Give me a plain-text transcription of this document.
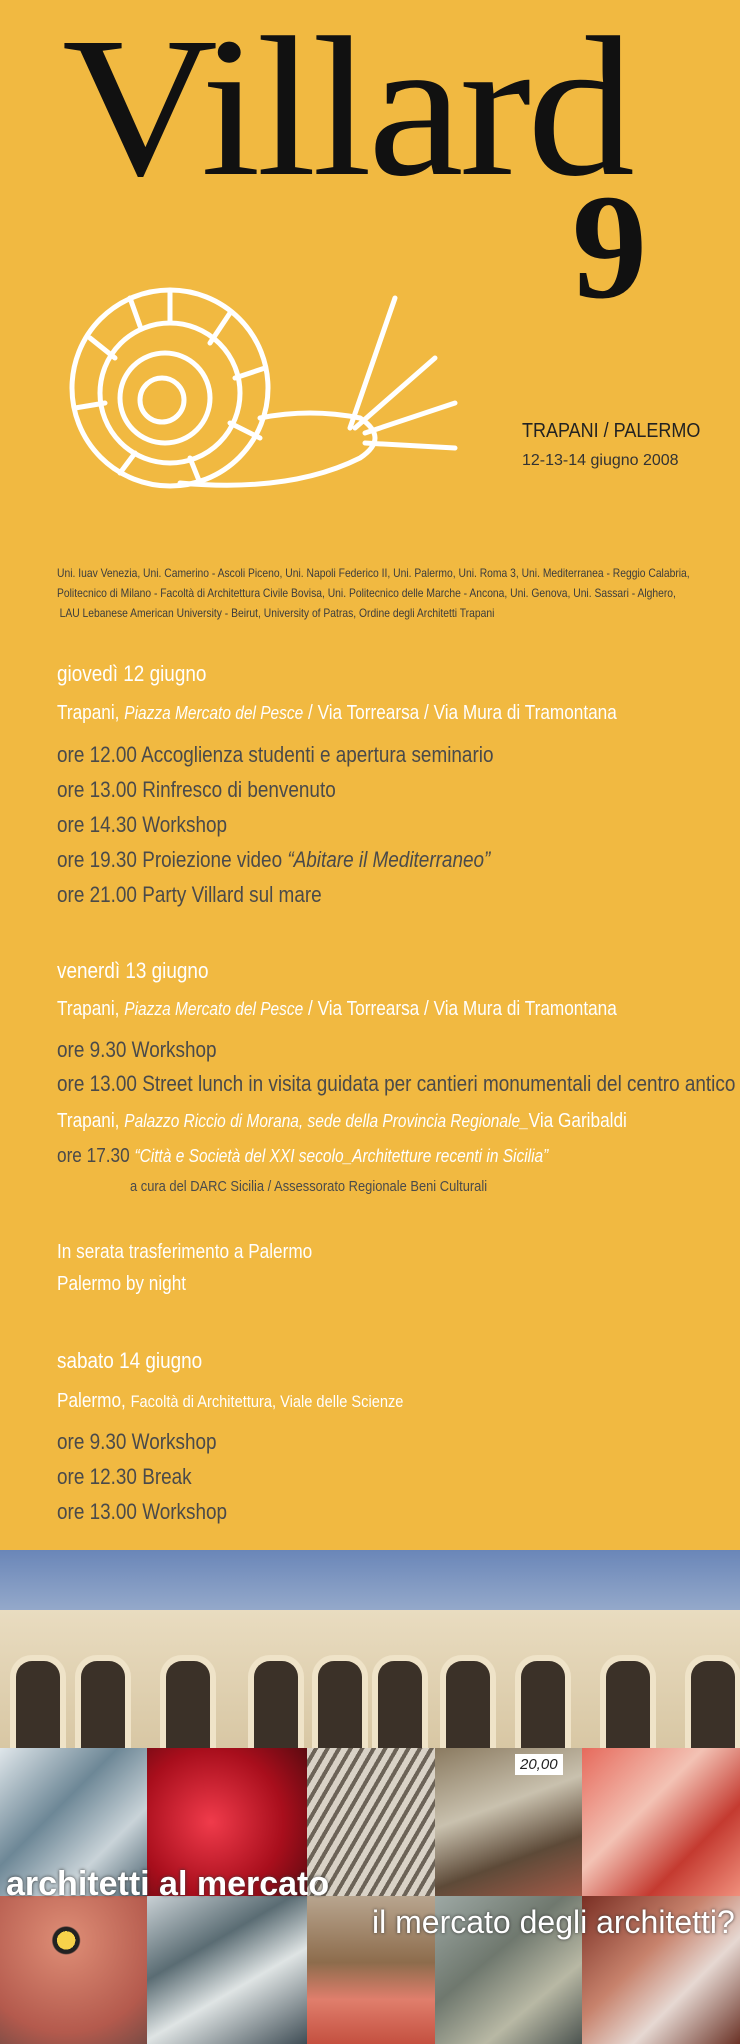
Villard
9
TRAPANI / PALERMO
12-13-14 giugno 2008
Uni. Iuav Venezia, Uni. Camerino - Ascoli Piceno, Uni. Napoli Federico II, Uni. Palermo, Uni. Roma 3, Uni. Mediterranea - Reggio Calabria,
Politecnico di Milano - Facoltà di Architettura Civile Bovisa, Uni. Politecnico delle Marche - Ancona, Uni. Genova, Uni. Sassari - Alghero,
LAU Lebanese American University - Beirut, University of Patras, Ordine degli Architetti Trapani
giovedì 12 giugno
Trapani, Piazza Mercato del Pesce / Via Torrearsa / Via Mura di Tramontana
ore 12.00 Accoglienza studenti e apertura seminario
ore 13.00 Rinfresco di benvenuto
ore 14.30 Workshop
ore 19.30 Proiezione video “Abitare il Mediterraneo”
ore 21.00 Party Villard sul mare
venerdì 13 giugno
Trapani, Piazza Mercato del Pesce / Via Torrearsa / Via Mura di Tramontana
ore 9.30 Workshop
ore 13.00 Street lunch in visita guidata per cantieri monumentali del centro antico
Trapani, Palazzo Riccio di Morana, sede della Provincia Regionale_Via Garibaldi
ore 17.30 “Città e Società del XXI secolo_Architetture recenti in Sicilia”
a cura del DARC Sicilia / Assessorato Regionale Beni Culturali
In serata trasferimento a Palermo
Palermo by night
sabato 14 giugno
Palermo, Facoltà di Architettura, Viale delle Scienze
ore 9.30 Workshop
ore 12.30 Break
ore 13.00 Workshop
20,00
architetti al mercato
il mercato degli architetti?
